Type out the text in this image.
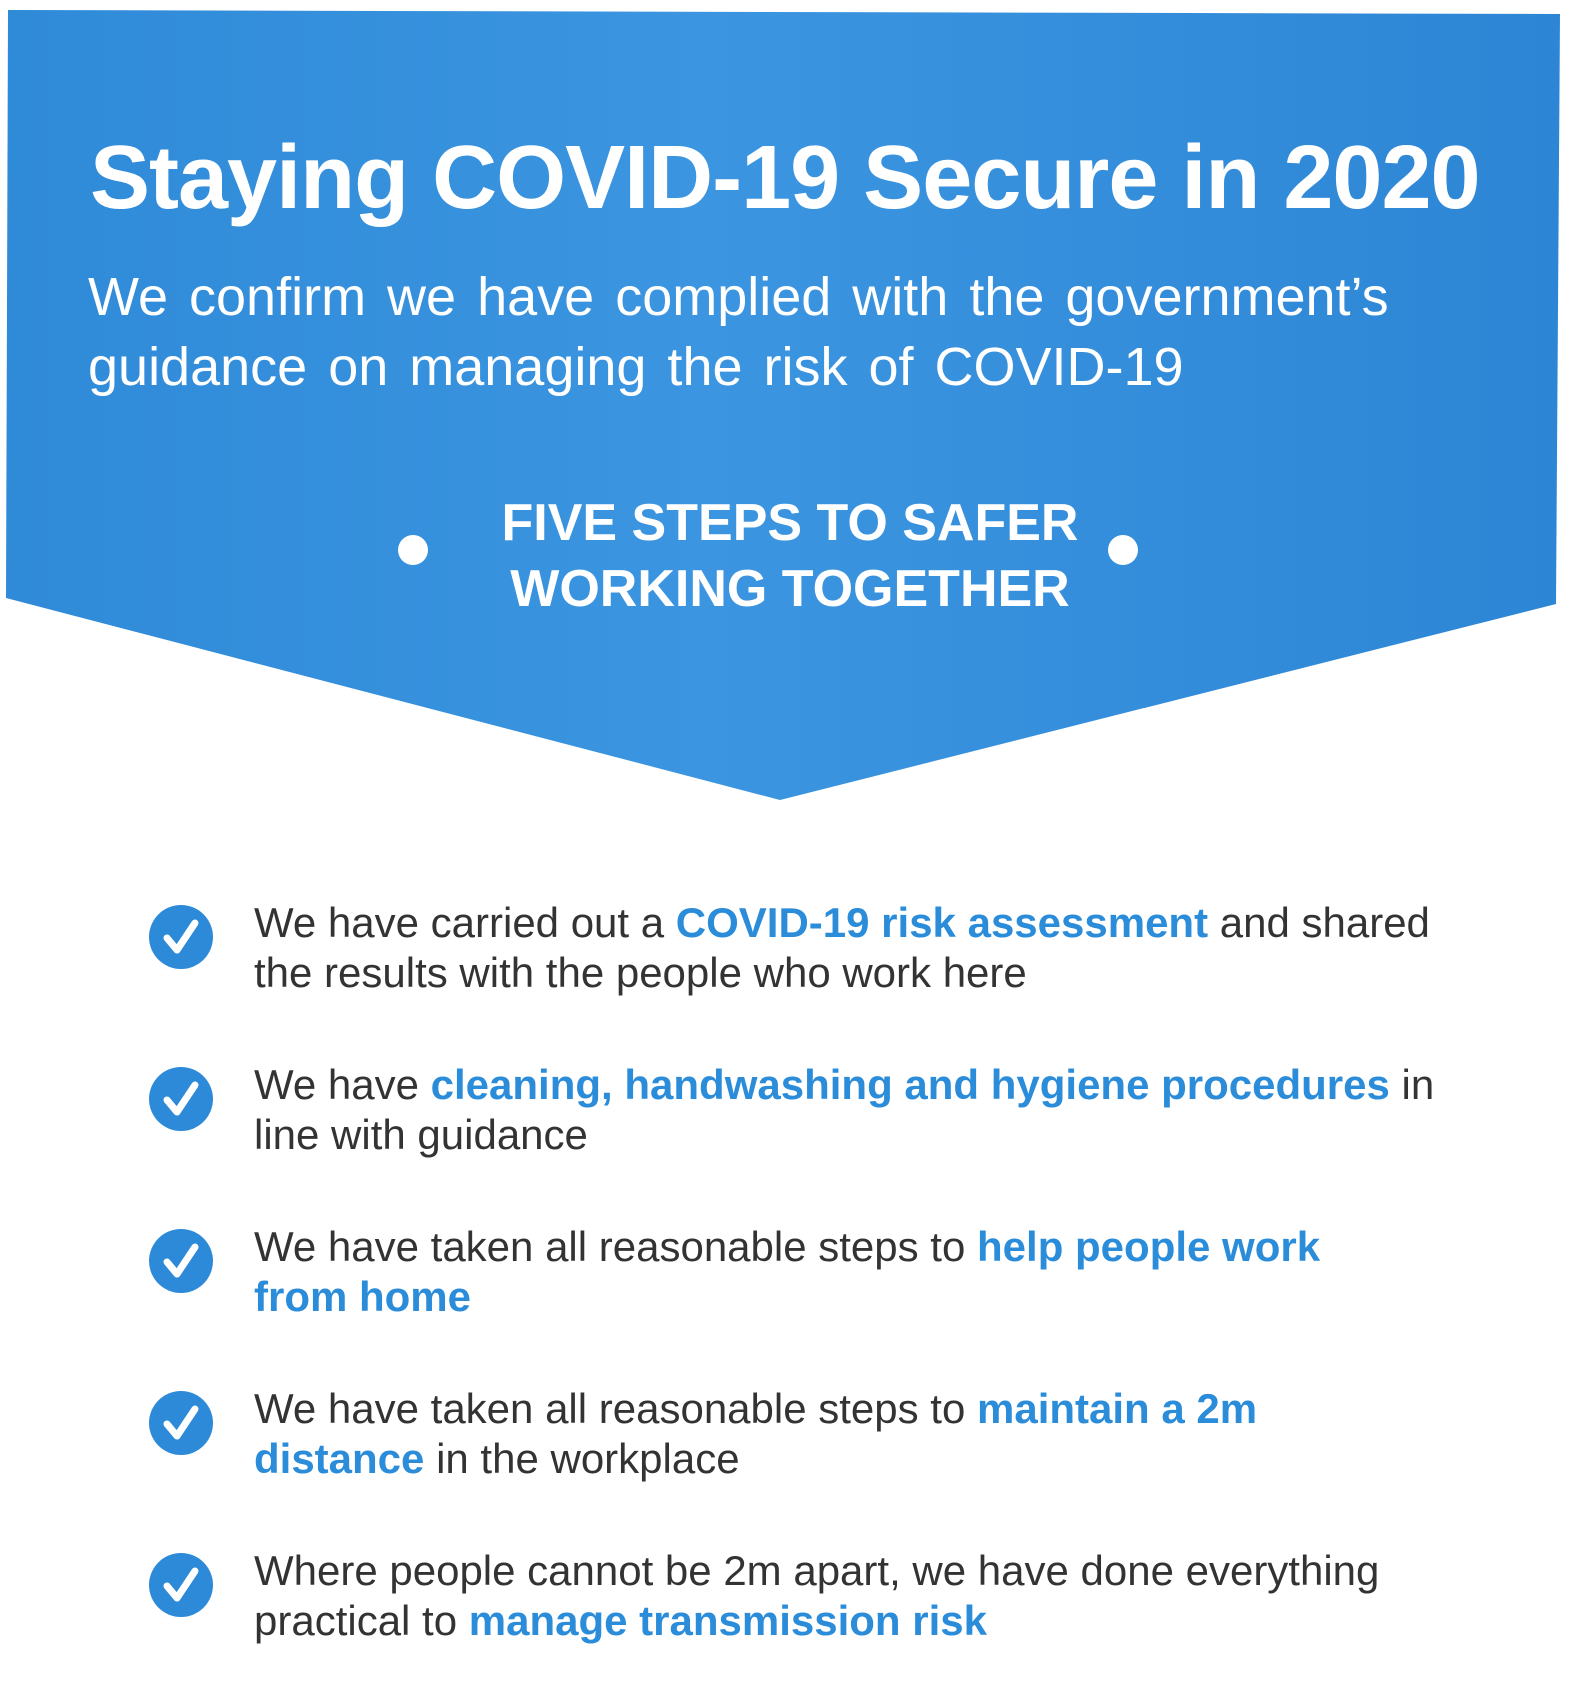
Staying COVID-19 Secure in 2020

We confirm we have complied with the government’s
guidance on managing the risk of COVID-19

FIVE STEPS TO SAFER
WORKING TOGETHER

We have carried out a COVID-19 risk assessment and shared the results with the people who work here

We have cleaning, handwashing and hygiene procedures in line with guidance

We have taken all reasonable steps to help people work from home

We have taken all reasonable steps to maintain a 2m distance in the workplace

Where people cannot be 2m apart, we have done everything practical to manage transmission risk
